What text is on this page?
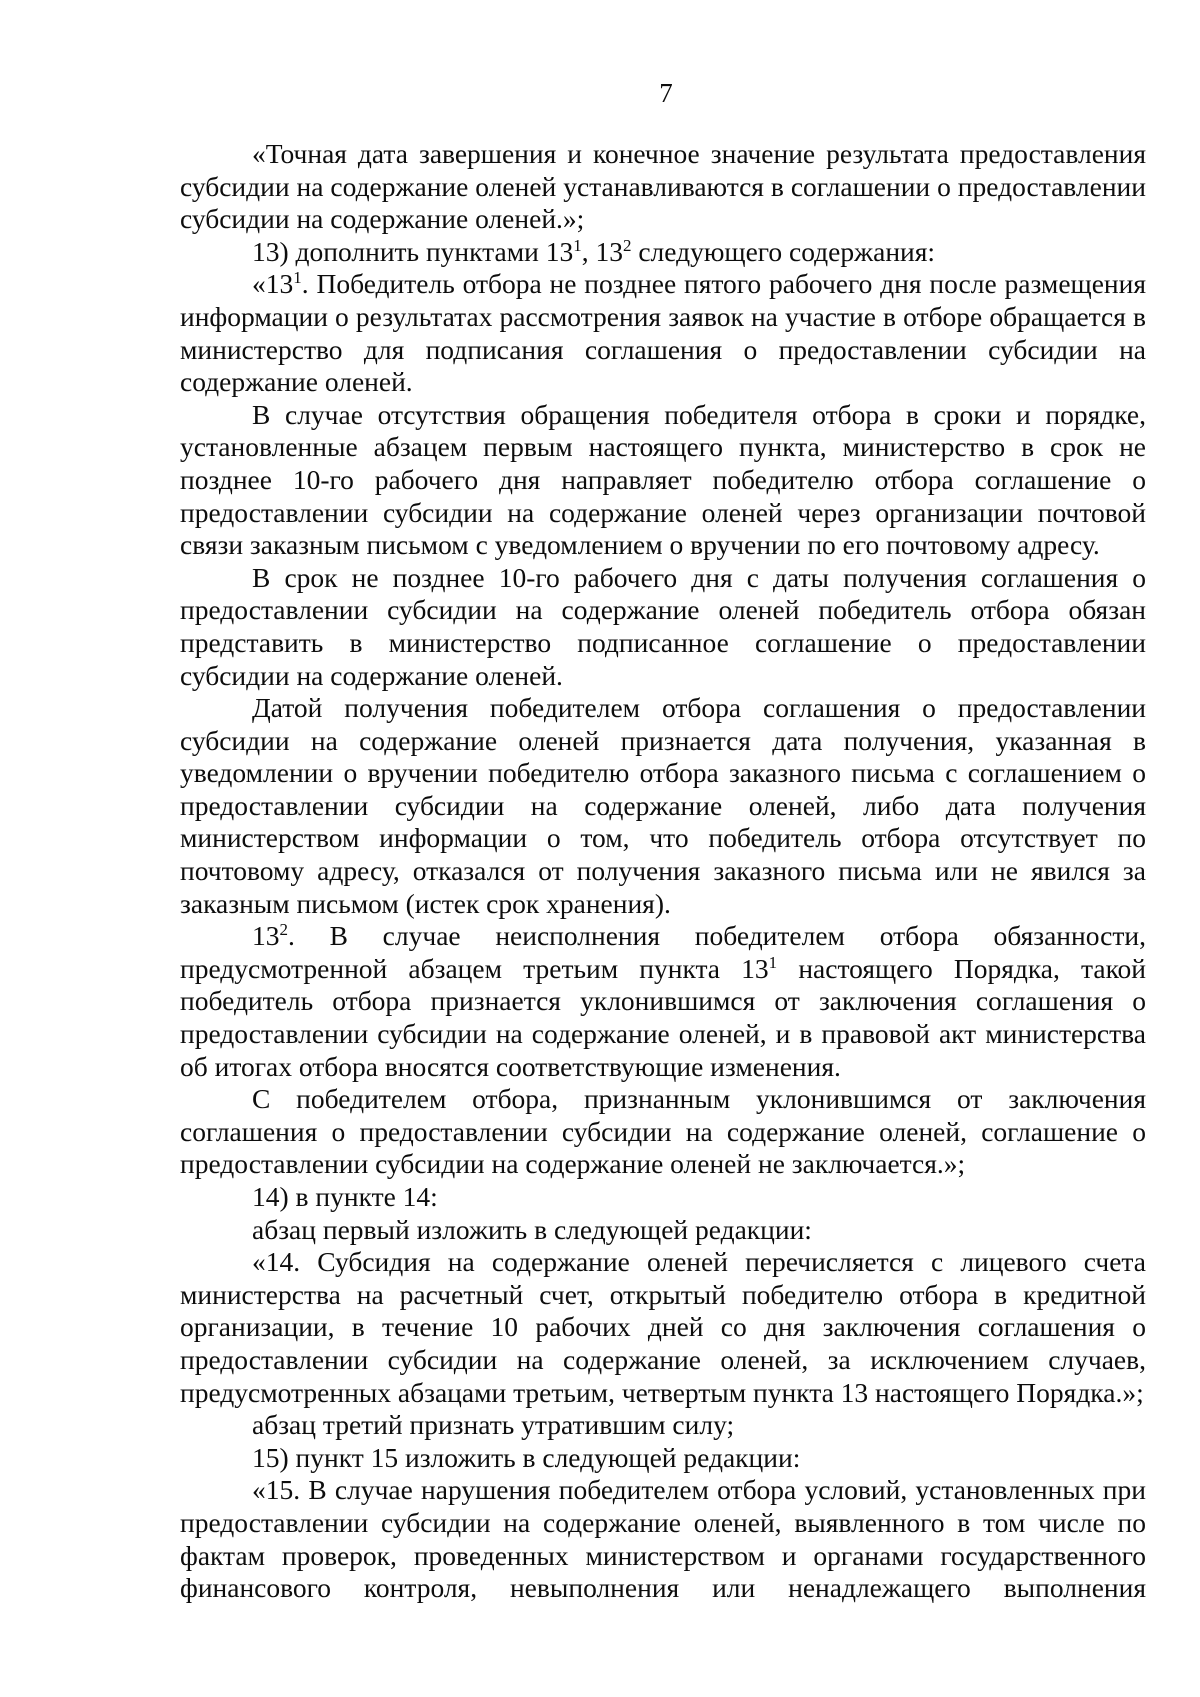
7

«Точная дата завершения и конечное значение результата предоставления субсидии на содержание оленей устанавливаются в соглашении о предоставлении субсидии на содержание оленей.»;

13) дополнить пунктами $13^1$, $13^2$ следующего содержания:

«$13^1$. Победитель отбора не позднее пятого рабочего дня после размещения информации о результатах рассмотрения заявок на участие в отборе обращается в министерство для подписания соглашения о предоставлении субсидии на содержание оленей.

В случае отсутствия обращения победителя отбора в сроки и порядке, установленные абзацем первым настоящего пункта, министерство в срок не позднее 10-го рабочего дня направляет победителю отбора соглашение о предоставлении субсидии на содержание оленей через организации почтовой связи заказным письмом с уведомлением о вручении по его почтовому адресу.

В срок не позднее 10-го рабочего дня с даты получения соглашения о предоставлении субсидии на содержание оленей победитель отбора обязан представить в министерство подписанное соглашение о предоставлении субсидии на содержание оленей.

Датой получения победителем отбора соглашения о предоставлении субсидии на содержание оленей признается дата получения, указанная в уведомлении о вручении победителю отбора заказного письма с соглашением о предоставлении субсидии на содержание оленей, либо дата получения министерством информации о том, что победитель отбора отсутствует по почтовому адресу, отказался от получения заказного письма или не явился за заказным письмом (истек срок хранения).

$13^2$. В случае неисполнения победителем отбора обязанности, предусмотренной абзацем третьим пункта $13^1$ настоящего Порядка, такой победитель отбора признается уклонившимся от заключения соглашения о предоставлении субсидии на содержание оленей, и в правовой акт министерства об итогах отбора вносятся соответствующие изменения.

С победителем отбора, признанным уклонившимся от заключения соглашения о предоставлении субсидии на содержание оленей, соглашение о предоставлении субсидии на содержание оленей не заключается.»;

14) в пункте 14:

абзац первый изложить в следующей редакции:

«14. Субсидия на содержание оленей перечисляется с лицевого счета министерства на расчетный счет, открытый победителю отбора в кредитной организации, в течение 10 рабочих дней со дня заключения соглашения о предоставлении субсидии на содержание оленей, за исключением случаев, предусмотренных абзацами третьим, четвертым пункта 13 настоящего Порядка.»;

абзац третий признать утратившим силу;

15) пункт 15 изложить в следующей редакции:

«15. В случае нарушения победителем отбора условий, установленных при предоставлении субсидии на содержание оленей, выявленного в том числе по фактам проверок, проведенных министерством и органами государственного финансового контроля, невыполнения или ненадлежащего выполнения
